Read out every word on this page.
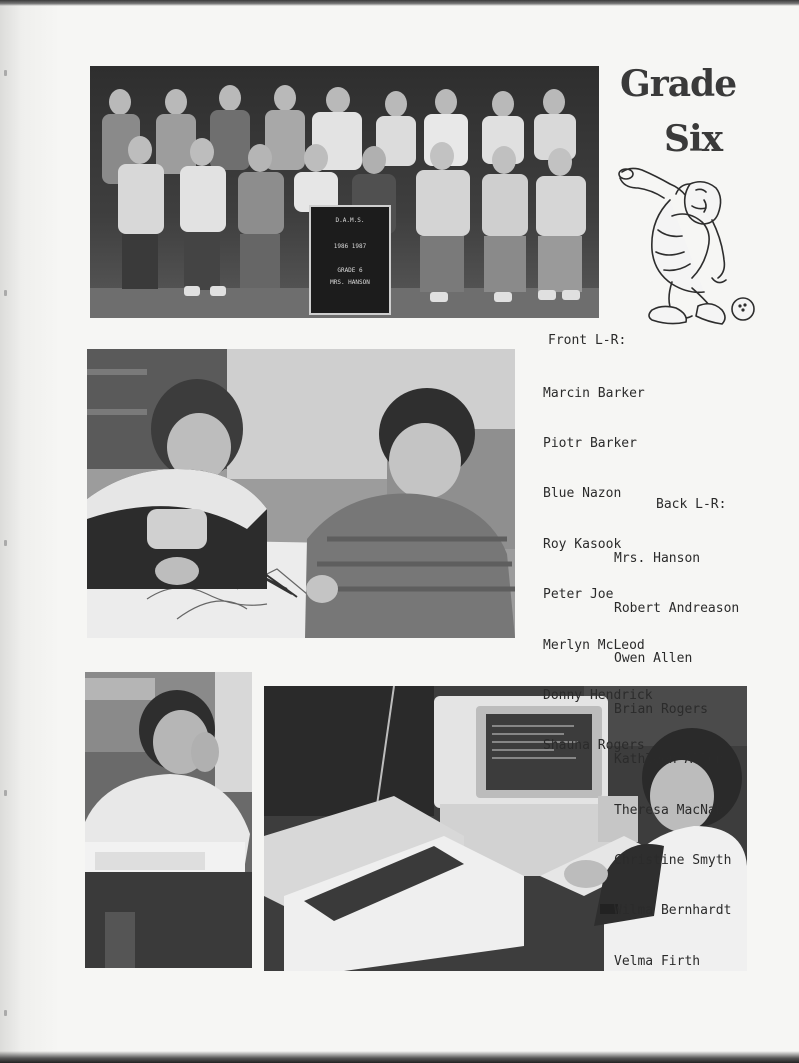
D.A.M.S.
1986 1987
GRADE 6
MRS. HANSON
Grade
Six
Front L-R:

Marcin Barker

Piotr Barker

Blue Nazon

Roy Kasook

Peter Joe

Merlyn McLeod

Donny Hendrick

Shauna Rogers

Back L-R:

Mrs. Hanson

Robert Andreason

Owen Allen

Brian Rogers

Kathleen Allen

Theresa MacNab

Christine Smyth

Wilma Bernhardt

Velma Firth
